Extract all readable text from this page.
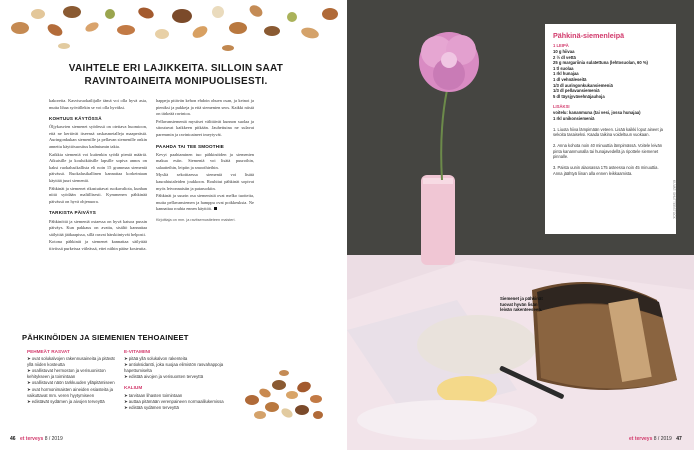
VAIHTELE ERI LAJIKKEITA. SILLOIN SAAT
RAVINTOAINEITA MONIPUOLISESTI.

kakoreita. Kasvisruokailijalle tämä voi olla hyvä asia, mutta lihaa syövällekin se voi olla hyväksi.

KOHTUUS KÄYTÖSSÄ

Öljykasvien siemenet syödessä on otettava huomioon, että ne kertävät itseensä raskasmetalleja maaperästä. Auringonkukan siemenille ja pellavan siemenille onkin annettu käyttösuositus kadmiumin takia.

Kaikkia siemeniä voi kuitenkin syödä pieniä määriä. Aikuisille ja kouluikäisille lapsille sopiva annos on kaksi ruokalusikallista eli noin 15 grammaa siemeniä päivässä. Ruokalusikallinen kannattaa korkeintaan käyttää juuri siemeniä.

Pähkinät ja siemenet rikastuttavat ruokavaliota, kunhan niitä syödään maltillisesti. Kymmenen pähkinää päivässä on hyvä ohjenuora.

TARKISTA PÄIVÄYS

Pähkinöitä ja siemeniä ostaessa on hyvä katsoa pussin päiväys. Kun pakkaus on avattu, sisältö kannattaa säilyttää jääkaapissa, sillä rasvat härskiintyvät helposti.

Kotona pähkinät ja siemenet kannattaa säilyttää tiiviissä purkeissa viileässä, ettei niihin pääse kosteutta.

happeja pitävän kehon ehdoin ohuen osan, ja keinot ja pieniksi ja pukkeja ja että siemenien seos. Kaikki niistä on tärkeää ravintoa.

Pellavansiemeniä mystiset välittävät kunnon suolaa ja sitoutuvat kaikkeen pitkään. Jauhettuina ne sulavat paremmin ja ravintoaineet imeytyvät.

PAAHDA TAI TEE SMOOTHIE

Kevyt paahtaminen tuo pähkinöiden ja siemenien makua esiin. Siemeniä voi lisätä puuroihin, salaatteihin, leipiin ja smoothieihin.

Mysliä sekoittaessa siemeniä voi lisätä kaurahiutaleiden joukkoon. Rouhitut pähkinät sopivat myös leivonnaisiin ja pataruokiin.

Pähkinät ja suurin osa siemenistä ovat melko tuotteita, mutta pellavansiemen ja hamppu ovat poikkeuksia. Ne kannattaa rouhia ennen käyttöä.

Kirjoittaja on mm. ja ravitsemustieteen maisteri.

PÄHKINÖIDEN JA SIEMENIEN TEHOAINEET
PEHMEÄT RASVAT
➤ ovat solukalvojen rakennusaineita ja pitävät yllä niiden kosteutta
➤ osallistuvat hermoston ja verisuoniston kehitykseen ja toimintaan
➤ osallistuvat näön tarkkuuden ylläpitämiseen
➤ ovat hormonimaisten aineiden esiasteita ja vaikuttavat mm. veren hyytymiseen
➤ edistävät sydämen ja aivojen terveyttä
E-VITAMIINI
➤ pitää yllä solukalvon rakenteita
➤ antioksidantti, joka suojaa elimistön rasvahappoja hapettumiselta
➤ edistää aivojen ja verisuonten terveyttä
KALIUM
➤ tarvitaan lihasten toimintaan
➤ auttaa pitämään verenpaineen normaalilukemissa
➤ edistää sydämen terveyttä
46 et terveys 8 / 2019
Pähkinä-siemenleipä
1 LEIPÄ
10 g hiivaa
2 ½ dl vettä
25 g margariinia sulatettuna (lehtosuolan, 60 %)
1 tl suolaa
1 rkl hunajaa
1 dl vehnäleseitä
1/3 dl auringonkukansiemeniä
1/3 dl pellavansiemeniä
5 dl täysjyvävehnäjauhoja
LISÄKSI
voitelu: kananmuna (tai vesi, jossa hunajaa)
1 rkl unikonsiemeniä
1. Liuota hiiva lämpimään veteen. Lisää kaikki loput aineet ja sekoita tasaiseksi. Kaada taikina voideltuun vuokaan.
2. Anna kohota noin 40 minuuttia lämpimässä. Voitele leivän pinta kananmunalla tai hunajavedellä ja ripottele siemenet pinnalle.
3. Paista uunin alaosassa 175 asteessa noin 45 minuuttia. Anna jäähtyä liinan alla ennen leikkaamista.
Siemenet ja pähkinät tuovat hyvän lisän leivän rakenteeseen.
KUVAT: SHUTTERSTOCK
et terveys 8 / 2019 47
